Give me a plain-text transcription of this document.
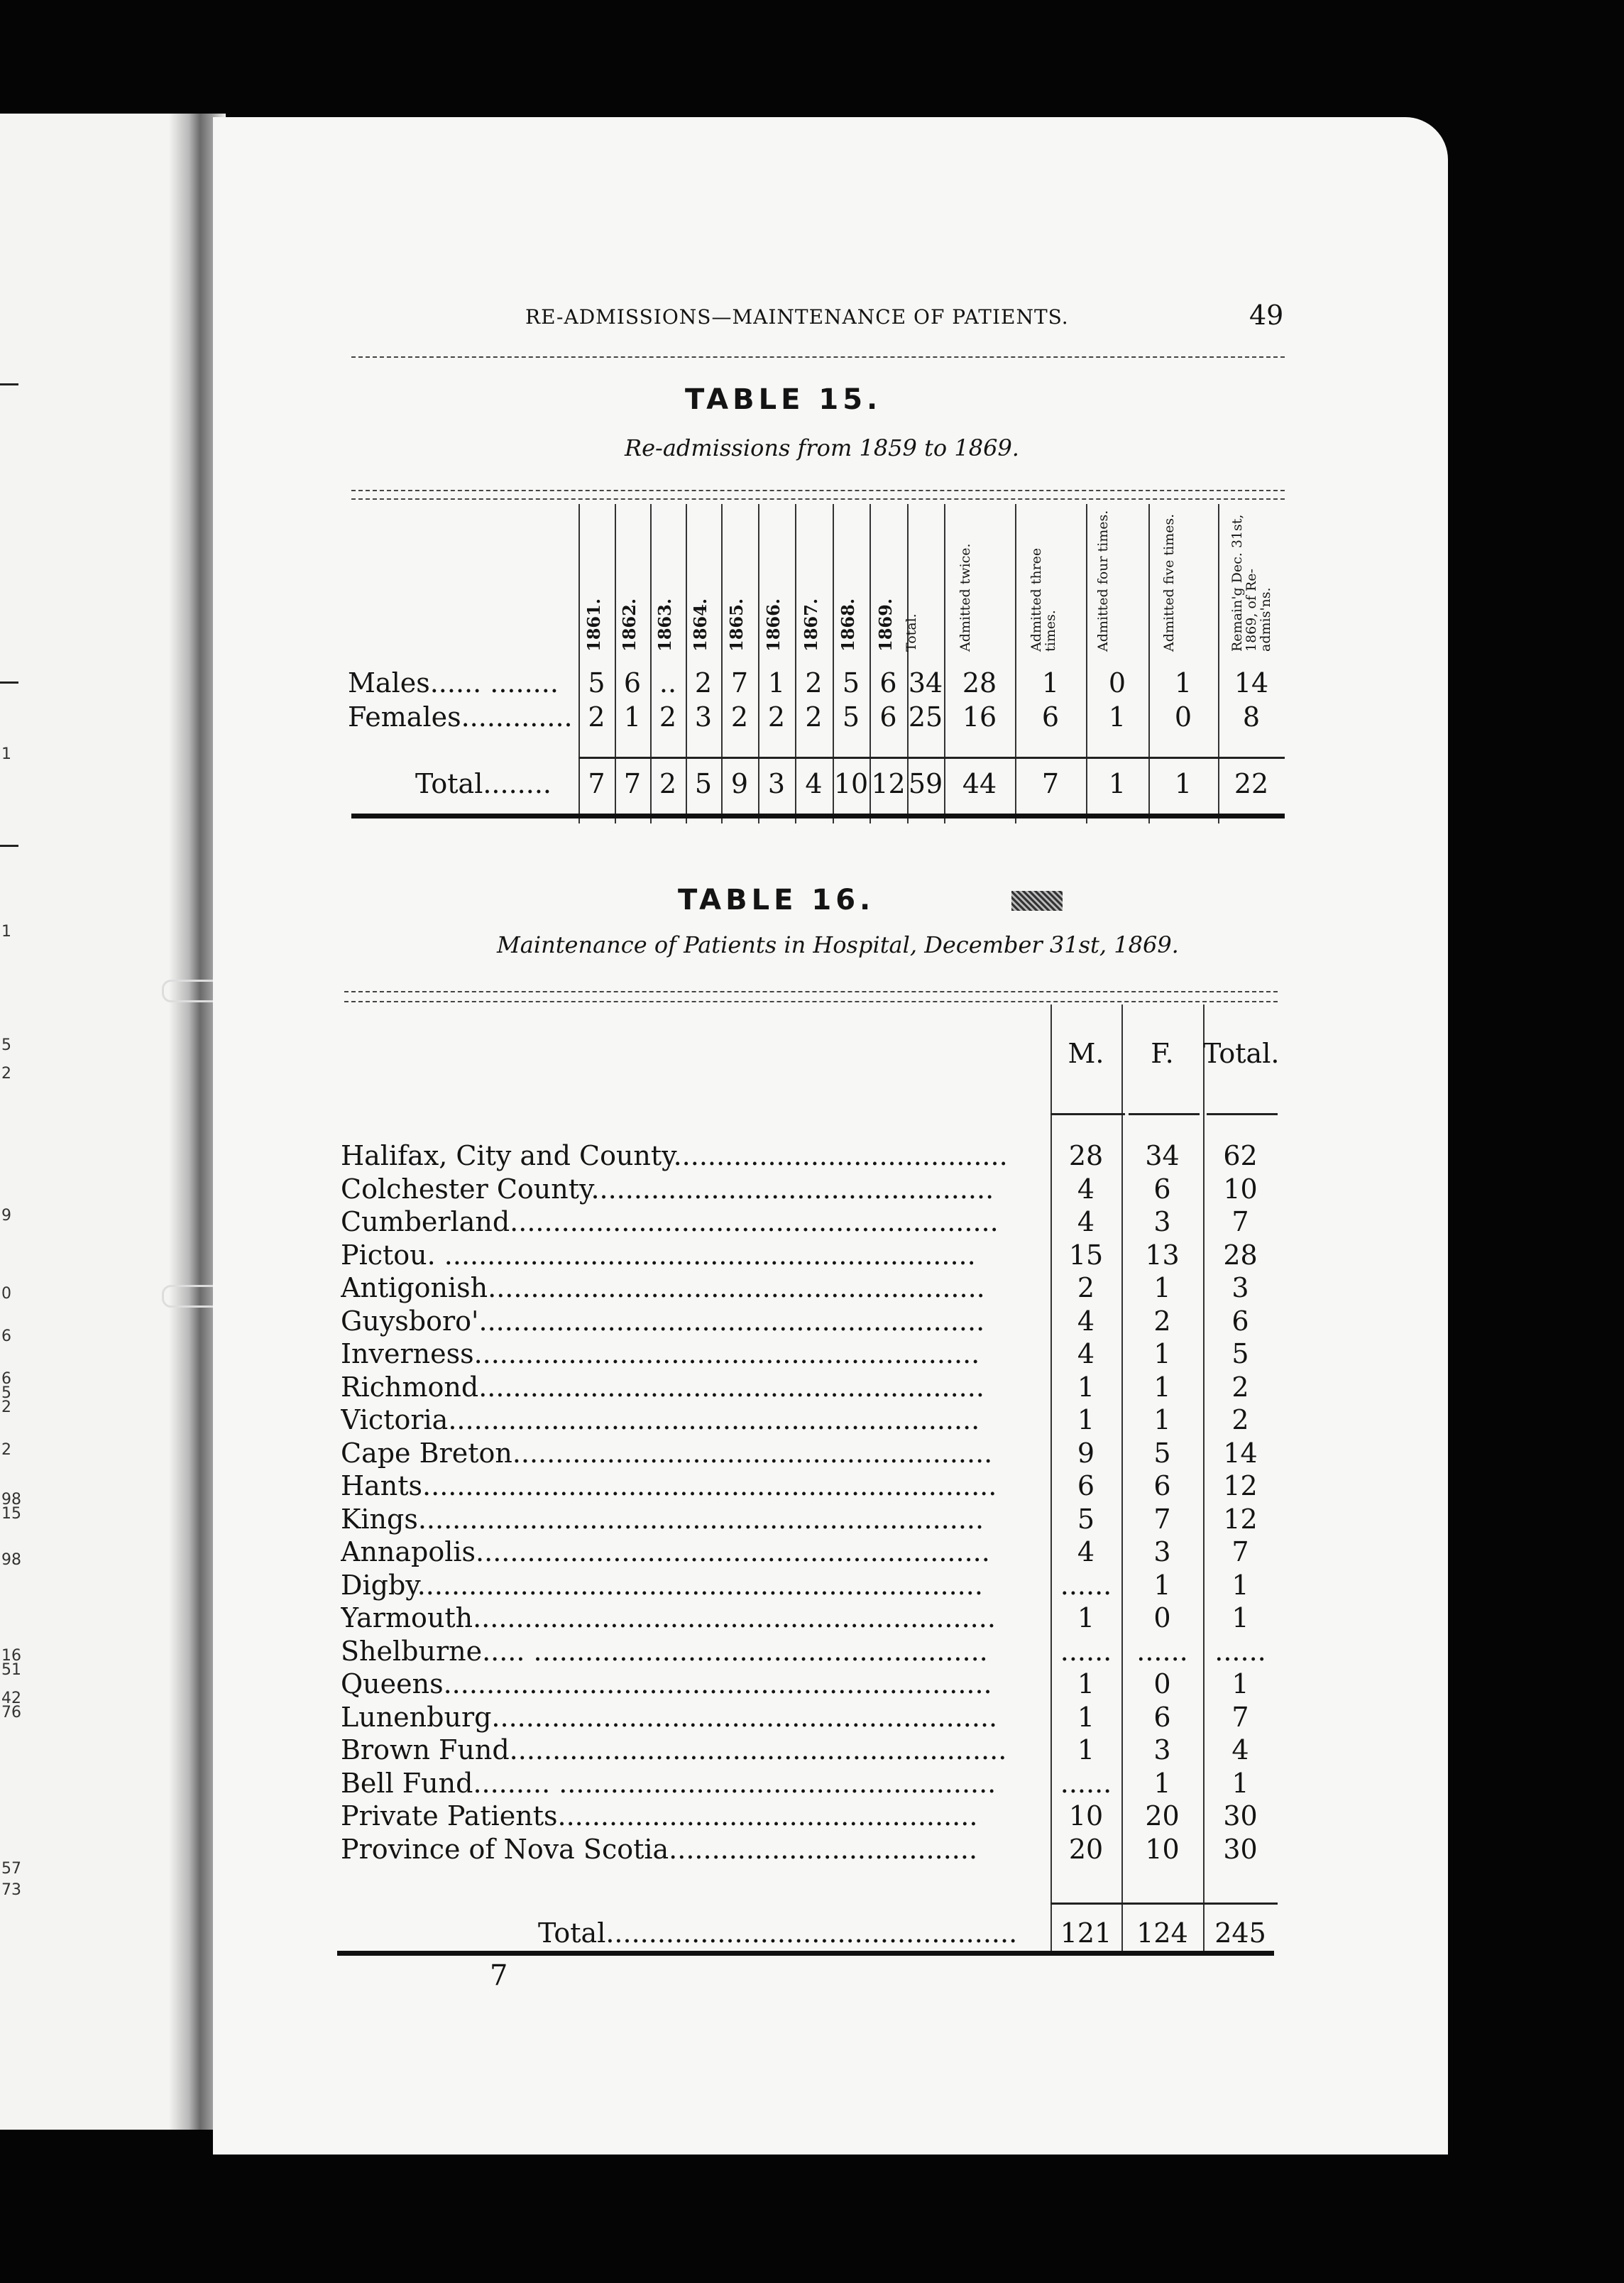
1
1
5
2
9
0
6
6
5
2
2
98
15
98
16
51
42
76
57
73
RE-ADMISSIONS—MAINTENANCE OF PATIENTS.	49
TABLE 15.
Re-admissions from 1859 to 1869.
1861. 1862. 1863. 1864. 1865. 1866. 1867. 1868. 1869. Total.	Admitted twice.	Admitted three times.	Admitted four times.	Admitted five times.	Remain'g Dec. 31st, 1869, of Re-admis'ns.
Males...... ........	5 6 .. 2 7 1 2 5 6 34 28	1	0	1	14
Females............. 2 1 2 3 2 2 2 5 6 25 16	6	1	0	8
Total........	7 7 2 5 9 3 4 10 12 59 44	7	1	1	22
TABLE 16.
Maintenance of Patients in Hospital, December 31st, 1869.
M.	F.	Total.
Halifax, City and County.......................................	28	34	62
Colchester County...............................................	4	6	10
Cumberland.........................................................	4	3	7
Pictou. ..............................................................	15	13	28
Antigonish..........................................................	2	1	3
Guysboro'...........................................................	4	2	6
Inverness...........................................................	4	1	5
Richmond...........................................................	1	1	2
Victoria..............................................................	1	1	2
Cape Breton........................................................	9	5	14
Hants...................................................................	6	6	12
Kings..................................................................	5	7	12
Annapolis............................................................	4	3	7
Digby..................................................................	......	1	1
Yarmouth.............................................................	1	0	1
Shelburne..... .....................................................	...... ...... ......
Queens................................................................	1	0	1
Lunenburg...........................................................	1	6	7
Brown Fund..........................................................	1	3	4
Bell Fund......... ...................................................	......	1	1
Private Patients.................................................	10	20	30
Province of Nova Scotia....................................	20	10	30
Total................................................	121 124 245
7
